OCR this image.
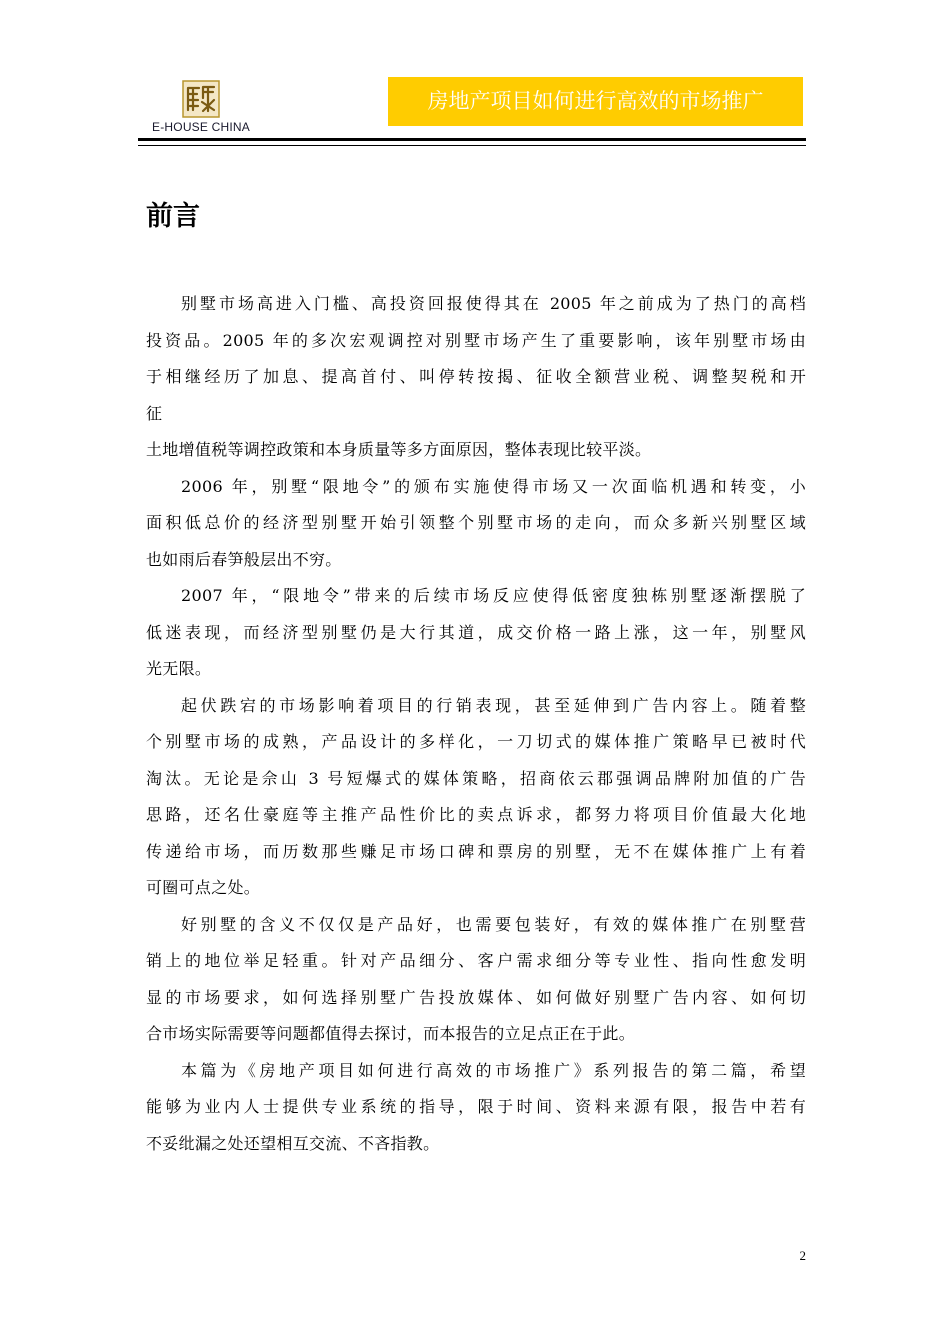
E-HOUSE CHINA
房地产项目如何进行高效的市场推广
前言
别墅市场高进入门槛、高投资回报使得其在 2005 年之前成为了热门的高档
投资品。2005 年的多次宏观调控对别墅市场产生了重要影响，该年别墅市场由
于相继经历了加息、提高首付、叫停转按揭、征收全额营业税、调整契税和开
征
土地增值税等调控政策和本身质量等多方面原因，整体表现比较平淡。
2006 年，别墅“限地令”的颁布实施使得市场又一次面临机遇和转变，小
面积低总价的经济型别墅开始引领整个别墅市场的走向，而众多新兴别墅区域
也如雨后春笋般层出不穷。
2007 年，“限地令”带来的后续市场反应使得低密度独栋别墅逐渐摆脱了
低迷表现，而经济型别墅仍是大行其道，成交价格一路上涨，这一年，别墅风
光无限。
起伏跌宕的市场影响着项目的行销表现，甚至延伸到广告内容上。随着整
个别墅市场的成熟，产品设计的多样化，一刀切式的媒体推广策略早已被时代
淘汰。无论是佘山 3 号短爆式的媒体策略，招商依云郡强调品牌附加值的广告
思路，还名仕豪庭等主推产品性价比的卖点诉求，都努力将项目价值最大化地
传递给市场，而历数那些赚足市场口碑和票房的别墅，无不在媒体推广上有着
可圈可点之处。
好别墅的含义不仅仅是产品好，也需要包装好，有效的媒体推广在别墅营
销上的地位举足轻重。针对产品细分、客户需求细分等专业性、指向性愈发明
显的市场要求，如何选择别墅广告投放媒体、如何做好别墅广告内容、如何切
合市场实际需要等问题都值得去探讨，而本报告的立足点正在于此。
本篇为《房地产项目如何进行高效的市场推广》系列报告的第二篇，希望
能够为业内人士提供专业系统的指导，限于时间、资料来源有限，报告中若有
不妥纰漏之处还望相互交流、不吝指教。
2
